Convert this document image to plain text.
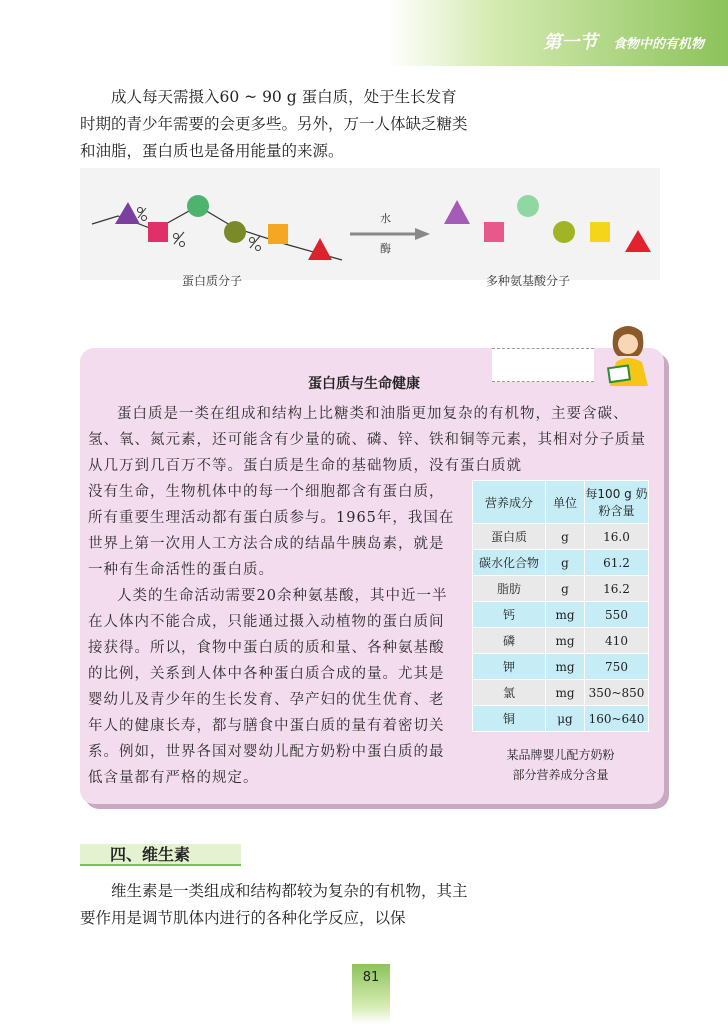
第一节 食物中的有机物
成人每天需摄入60 ~ 90 g 蛋白质，处于生长发育时期的青少年需要的会更多些。另外，万一人体缺乏糖类和油脂，蛋白质也是备用能量的来源。
水
酶
蛋白质分子	多种氨基酸分子
蛋白质与生命健康
蛋白质是一类在组成和结构上比糖类和油脂更加复杂的有机物，主要含碳、氢、氧、氮元素，还可能含有少量的硫、磷、锌、铁和铜等元素，其相对分子质量从几万到几百万不等。蛋白质是生命的基础物质，没有蛋白质就
没有生命，生物机体中的每一个细胞都含有蛋白质，所有重要生理活动都有蛋白质参与。1965年，我国在世界上第一次用人工方法合成的结晶牛胰岛素，就是一种有生命活性的蛋白质。
人类的生命活动需要20余种氨基酸，其中近一半在人体内不能合成，只能通过摄入动植物的蛋白质间接获得。所以，食物中蛋白质的质和量、各种氨基酸的比例，关系到人体中各种蛋白质合成的量。尤其是婴幼儿及青少年的生长发育、孕产妇的优生优育、老年人的健康长寿，都与膳食中蛋白质的量有着密切关系。例如，世界各国对婴幼儿配方奶粉中蛋白质的最低含量都有严格的规定。
营养成分	单位	每100 g 奶粉含量
蛋白质	g	16.0
碳水化合物	g	61.2
脂肪	g	16.2
钙	mg	550
磷	mg	410
钾	mg	750
氯	mg	350~850
铜	μg	160~640
某品牌婴儿配方奶粉
部分营养成分含量
四、维生素
维生素是一类组成和结构都较为复杂的有机物，其主要作用是调节肌体内进行的各种化学反应，以保
81
